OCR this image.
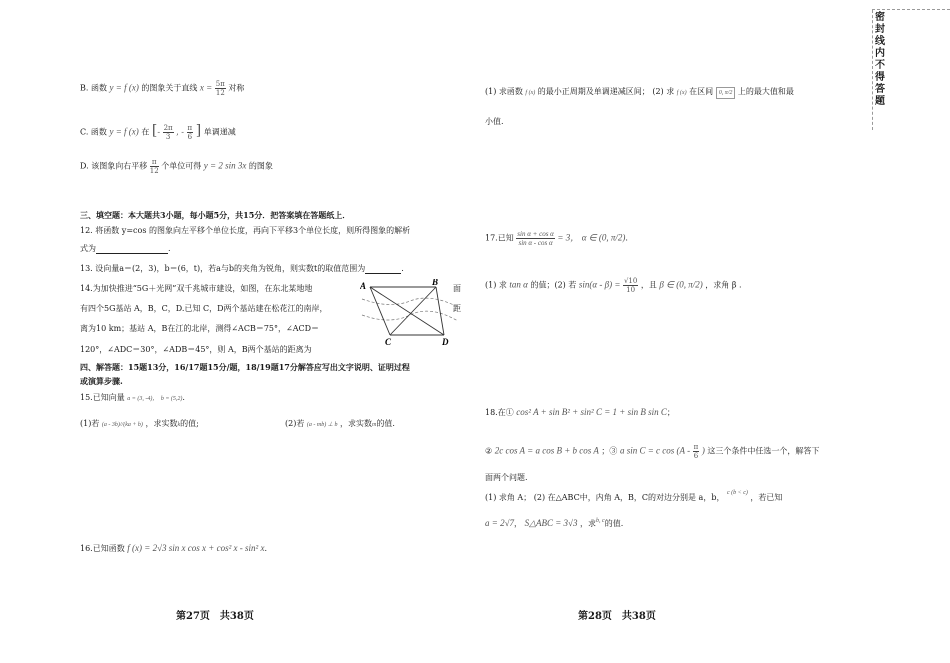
密封线内不得答题
B. 函数 y = f (x) 的图象关于直线 $x = \frac{5\pi}{12}$ 对称
C. 函数 y = f (x) 在 [- $\frac{2\pi}{3}$ , - $\frac{\pi}{6}$ ] 单调递减
D. 该图象向右平移 $\frac{\pi}{12}$ 个单位可得 y = 2 sin 3x 的图象
三、填空题：本大题共3小题，每小题5分，共15分．把答案填在答题纸上．
12. 将函数 y=cos 的图象向左平移个单位长度，再向下平移3个单位长度，则所得图象的解析
式为	.
13. 设向量a＝(2，3)，b＝(6，t)，若a与b的夹角为锐角，则实数t的取值范围为	.
14.为加快推进“5G＋光网”双千兆城市建设，如图，在东北某地地	面
有四个5G基站 A，B，C，D.已知 C，D两个基站建在松花江的南岸，	距
离为10 km；基站 A，B在江的北岸，测得∠ACB＝75°，∠ACD＝
120°，∠ADC＝30°，∠ADB＝45°，则 A，B两个基站的距离为
A	B
C	D
四、解答题：15题13分，16/17题15分/题，18/19题17分解答应写出文字说明、证明过程
或演算步骤.
15.已知向量 a = (3, -4)， b = (5,2).
(1)若 (a - 3b)//(ka + b) ，求实数k的值;	(2)若 (a - mb) ⊥ b ，求实数m的值.
16.已知函数 f (x) = 2√3 sin x cos x + cos² x - sin² x.
(1) 求函数 f (x) 的最小正周期及单调递减区间； (2) 求 f (x) 在区间 0, π/2 上的最大值和最
小值.
17.已知 $\frac{\text{sin α + cos α}}{\text{sin α - cos α}} = 3$， α ∈ (0, π/2).
(1) 求 tan α 的值；(2) 若 $\sin(\alpha - \beta) = \frac{√10}{10}$ ，且 β ∈ (0, π/2) ，求角 β .
18.在① cos² A + sin B² + sin² C = 1 + sin B sin C；
② 2c cos A = a cos B + b cos A ；③ a sin C = c $\cos (A - \frac{\pi}{6}$ ) 这三个条件中任选一个，解答下
面两个问题.
(1) 求角 A； (2) 在△ABC中，内角 A，B，C的对边分别是 a，b， $^{c (b < c)}$ ，若已知
a = 2√7， S△ABC = 3√3 ，求$^{b, c}$的值.
第27页　共38页	第28页　共38页
